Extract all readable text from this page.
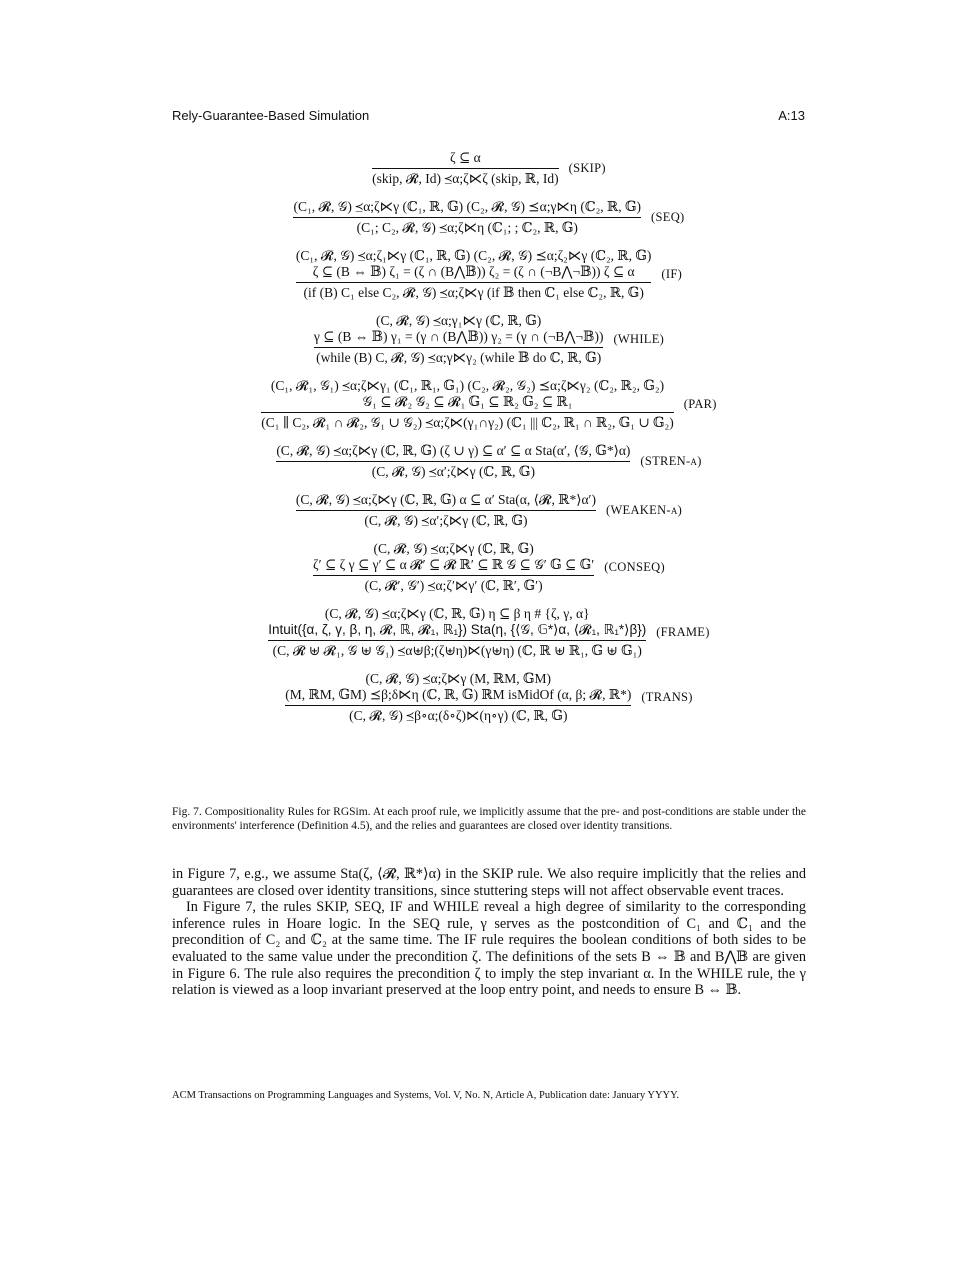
Rely-Guarantee-Based Simulation	A:13
$\frac{\zeta ⊆ \alpha}{\text{(skip, 𝓡, Id) ⪯α;ζ⋉ζ (skip, ℝ, Id)}}$ (SKIP)
(C₁, 𝓡, 𝒢) ⪯α;ζ⋉γ (ℂ₁, ℝ, 𝔾) (C₂, 𝓡, 𝒢) ⪯α;γ⋉η (ℂ₂, ℝ, 𝔾)
(C₁; C₂, 𝓡, 𝒢) ⪯α;ζ⋉η (ℂ₁; ; ℂ₂, ℝ, 𝔾)
(SEQ)
(C₁, 𝓡, 𝒢) ⪯α;ζ₁⋉γ (ℂ₁, ℝ, 𝔾) (C₂, 𝓡, 𝒢) ⪯α;ζ₂⋉γ (ℂ₂, ℝ, 𝔾)
ζ ⊆ (B ⇔ 𝔹) ζ₁ = (ζ ∩ (B⋀𝔹)) ζ₂ = (ζ ∩ (¬B⋀¬𝔹)) ζ ⊆ α
(if (B) C₁ else C₂, 𝓡, 𝒢) ⪯α;ζ⋉γ (if 𝔹 then ℂ₁ else ℂ₂, ℝ, 𝔾)
(IF)
(C, 𝓡, 𝒢) ⪯α;γ₁⋉γ (ℂ, ℝ, 𝔾)
γ ⊆ (B ⇔ 𝔹) γ₁ = (γ ∩ (B⋀𝔹)) γ₂ = (γ ∩ (¬B⋀¬𝔹))
(while (B) C, 𝓡, 𝒢) ⪯α;γ⋉γ₂ (while 𝔹 do ℂ, ℝ, 𝔾)
(WHILE)
(C₁, 𝓡₁, 𝒢₁) ⪯α;ζ⋉γ₁ (ℂ₁, ℝ₁, 𝔾₁) (C₂, 𝓡₂, 𝒢₂) ⪯α;ζ⋉γ₂ (ℂ₂, ℝ₂, 𝔾₂)
𝒢₁ ⊆ 𝓡₂ 𝒢₂ ⊆ 𝓡₁ 𝔾₁ ⊆ ℝ₂ 𝔾₂ ⊆ ℝ₁
(C₁ ∥ C₂, 𝓡₁ ∩ 𝓡₂, 𝒢₁ ∪ 𝒢₂) ⪯α;ζ⋉(γ₁∩γ₂) (ℂ₁ ||| ℂ₂, ℝ₁ ∩ ℝ₂, 𝔾₁ ∪ 𝔾₂)
(PAR)
(C, 𝓡, 𝒢) ⪯α;ζ⋉γ (ℂ, ℝ, 𝔾) (ζ ∪ γ) ⊆ α′ ⊆ α Sta(α′, ⟨𝒢, 𝔾*⟩α)
(C, 𝓡, 𝒢) ⪯α′;ζ⋉γ (ℂ, ℝ, 𝔾)
(STREN-α)
(C, 𝓡, 𝒢) ⪯α;ζ⋉γ (ℂ, ℝ, 𝔾) α ⊆ α′ Sta(α, ⟨𝓡, ℝ*⟩α′)
(C, 𝓡, 𝒢) ⪯α′;ζ⋉γ (ℂ, ℝ, 𝔾)
(WEAKEN-α)
(C, 𝓡, 𝒢) ⪯α;ζ⋉γ (ℂ, ℝ, 𝔾)
ζ′ ⊆ ζ γ ⊆ γ′ ⊆ α 𝓡′ ⊆ 𝓡 ℝ′ ⊆ ℝ 𝒢 ⊆ 𝒢′ 𝔾 ⊆ 𝔾′
(C, 𝓡′, 𝒢′) ⪯α;ζ′⋉γ′ (ℂ, ℝ′, 𝔾′)
(CONSEQ)
(C, 𝓡, 𝒢) ⪯α;ζ⋉γ (ℂ, ℝ, 𝔾) η ⊆ β η # {ζ, γ, α}
Intuit({α, ζ, γ, β, η, 𝓡, ℝ, 𝓡₁, ℝ₁}) Sta(η, {⟨𝒢, 𝔾*⟩α, ⟨𝓡₁, ℝ₁*⟩β})
(C, 𝓡 ⊎ 𝓡₁, 𝒢 ⊎ 𝒢₁) ⪯α⊎β;(ζ⊎η)⋉(γ⊎η) (ℂ, ℝ ⊎ ℝ₁, 𝔾 ⊎ 𝔾₁)
(FRAME)
(C, 𝓡, 𝒢) ⪯α;ζ⋉γ (M, ℝM, 𝔾M)
(M, ℝM, 𝔾M) ⪯β;δ⋉η (ℂ, ℝ, 𝔾) ℝM isMidOf (α, β; 𝓡, ℝ*)
(C, 𝓡, 𝒢) ⪯β∘α;(δ∘ζ)⋉(η∘γ) (ℂ, ℝ, 𝔾)
(TRANS)
Fig. 7. Compositionality Rules for RGSim. At each proof rule, we implicitly assume that the pre- and post-conditions are stable under the environments' interference (Definition 4.5), and the relies and guarantees are closed over identity transitions.

in Figure 7, e.g., we assume Sta(ζ, ⟨𝓡, ℝ*⟩α) in the SKIP rule. We also require implicitly that the relies and guarantees are closed over identity transitions, since stuttering steps will not affect observable event traces.

In Figure 7, the rules SKIP, SEQ, IF and WHILE reveal a high degree of similarity to the corresponding inference rules in Hoare logic. In the SEQ rule, γ serves as the postcondition of C₁ and ℂ₁ and the precondition of C₂ and ℂ₂ at the same time. The IF rule requires the boolean conditions of both sides to be evaluated to the same value under the precondition ζ. The definitions of the sets B ⇔ 𝔹 and B⋀𝔹 are given in Figure 6. The rule also requires the precondition ζ to imply the step invariant α. In the WHILE rule, the γ relation is viewed as a loop invariant preserved at the loop entry point, and needs to ensure B ⇔ 𝔹.

ACM Transactions on Programming Languages and Systems, Vol. V, No. N, Article A, Publication date: January YYYY.
